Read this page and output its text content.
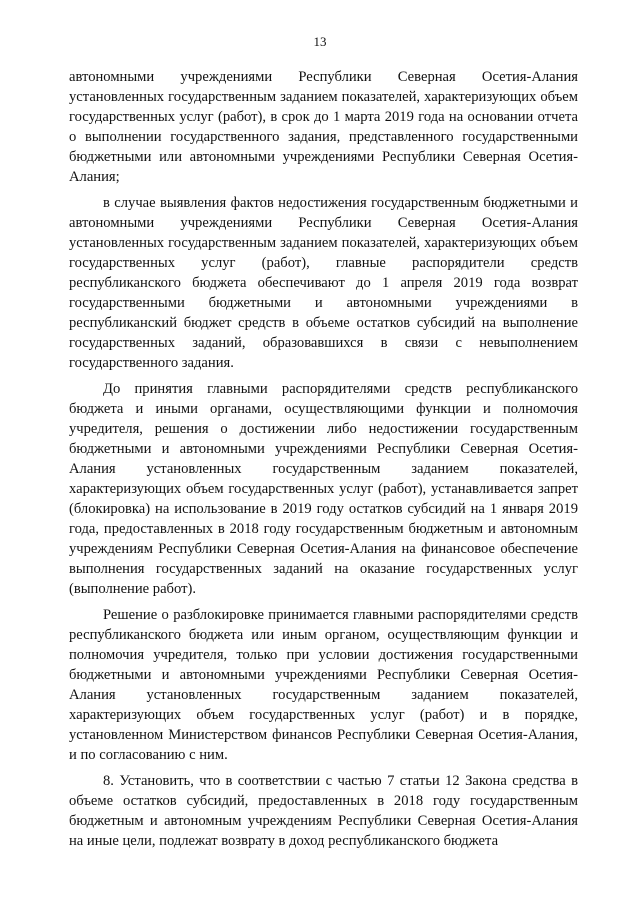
13

автономными учреждениями Республики Северная Осетия-Алания установленных государственным заданием показателей, характеризующих объем государственных услуг (работ), в срок до 1 марта 2019 года на основании отчета о выполнении государственного задания, представленного государственными бюджетными или автономными учреждениями Республики Северная Осетия-Алания;

в случае выявления фактов недостижения государственным бюджетными и автономными учреждениями Республики Северная Осетия-Алания установленных государственным заданием показателей, характеризующих объем государственных услуг (работ), главные распорядители средств республиканского бюджета обеспечивают до 1 апреля 2019 года возврат государственными бюджетными и автономными учреждениями в республиканский бюджет средств в объеме остатков субсидий на выполнение государственных заданий, образовавшихся в связи с невыполнением государственного задания.

До принятия главными распорядителями средств республиканского бюджета и иными органами, осуществляющими функции и полномочия учредителя, решения о достижении либо недостижении государственным бюджетными и автономными учреждениями Республики Северная Осетия-Алания установленных государственным заданием показателей, характеризующих объем государственных услуг (работ), устанавливается запрет (блокировка) на использование в 2019 году остатков субсидий на 1 января 2019 года, предоставленных в 2018 году государственным бюджетным и автономным учреждениям Республики Северная Осетия-Алания на финансовое обеспечение выполнения государственных заданий на оказание государственных услуг (выполнение работ).

Решение о разблокировке принимается главными распорядителями средств республиканского бюджета или иным органом, осуществляющим функции и полномочия учредителя, только при условии достижения государственными бюджетными и автономными учреждениями Республики Северная Осетия-Алания установленных государственным заданием показателей, характеризующих объем государственных услуг (работ) и в порядке, установленном Министерством финансов Республики Северная Осетия-Алания, и по согласованию с ним.

8. Установить, что в соответствии с частью 7 статьи 12 Закона средства в объеме остатков субсидий, предоставленных в 2018 году государственным бюджетным и автономным учреждениям Республики Северная Осетия-Алания на иные цели, подлежат возврату в доход республиканского бюджета
